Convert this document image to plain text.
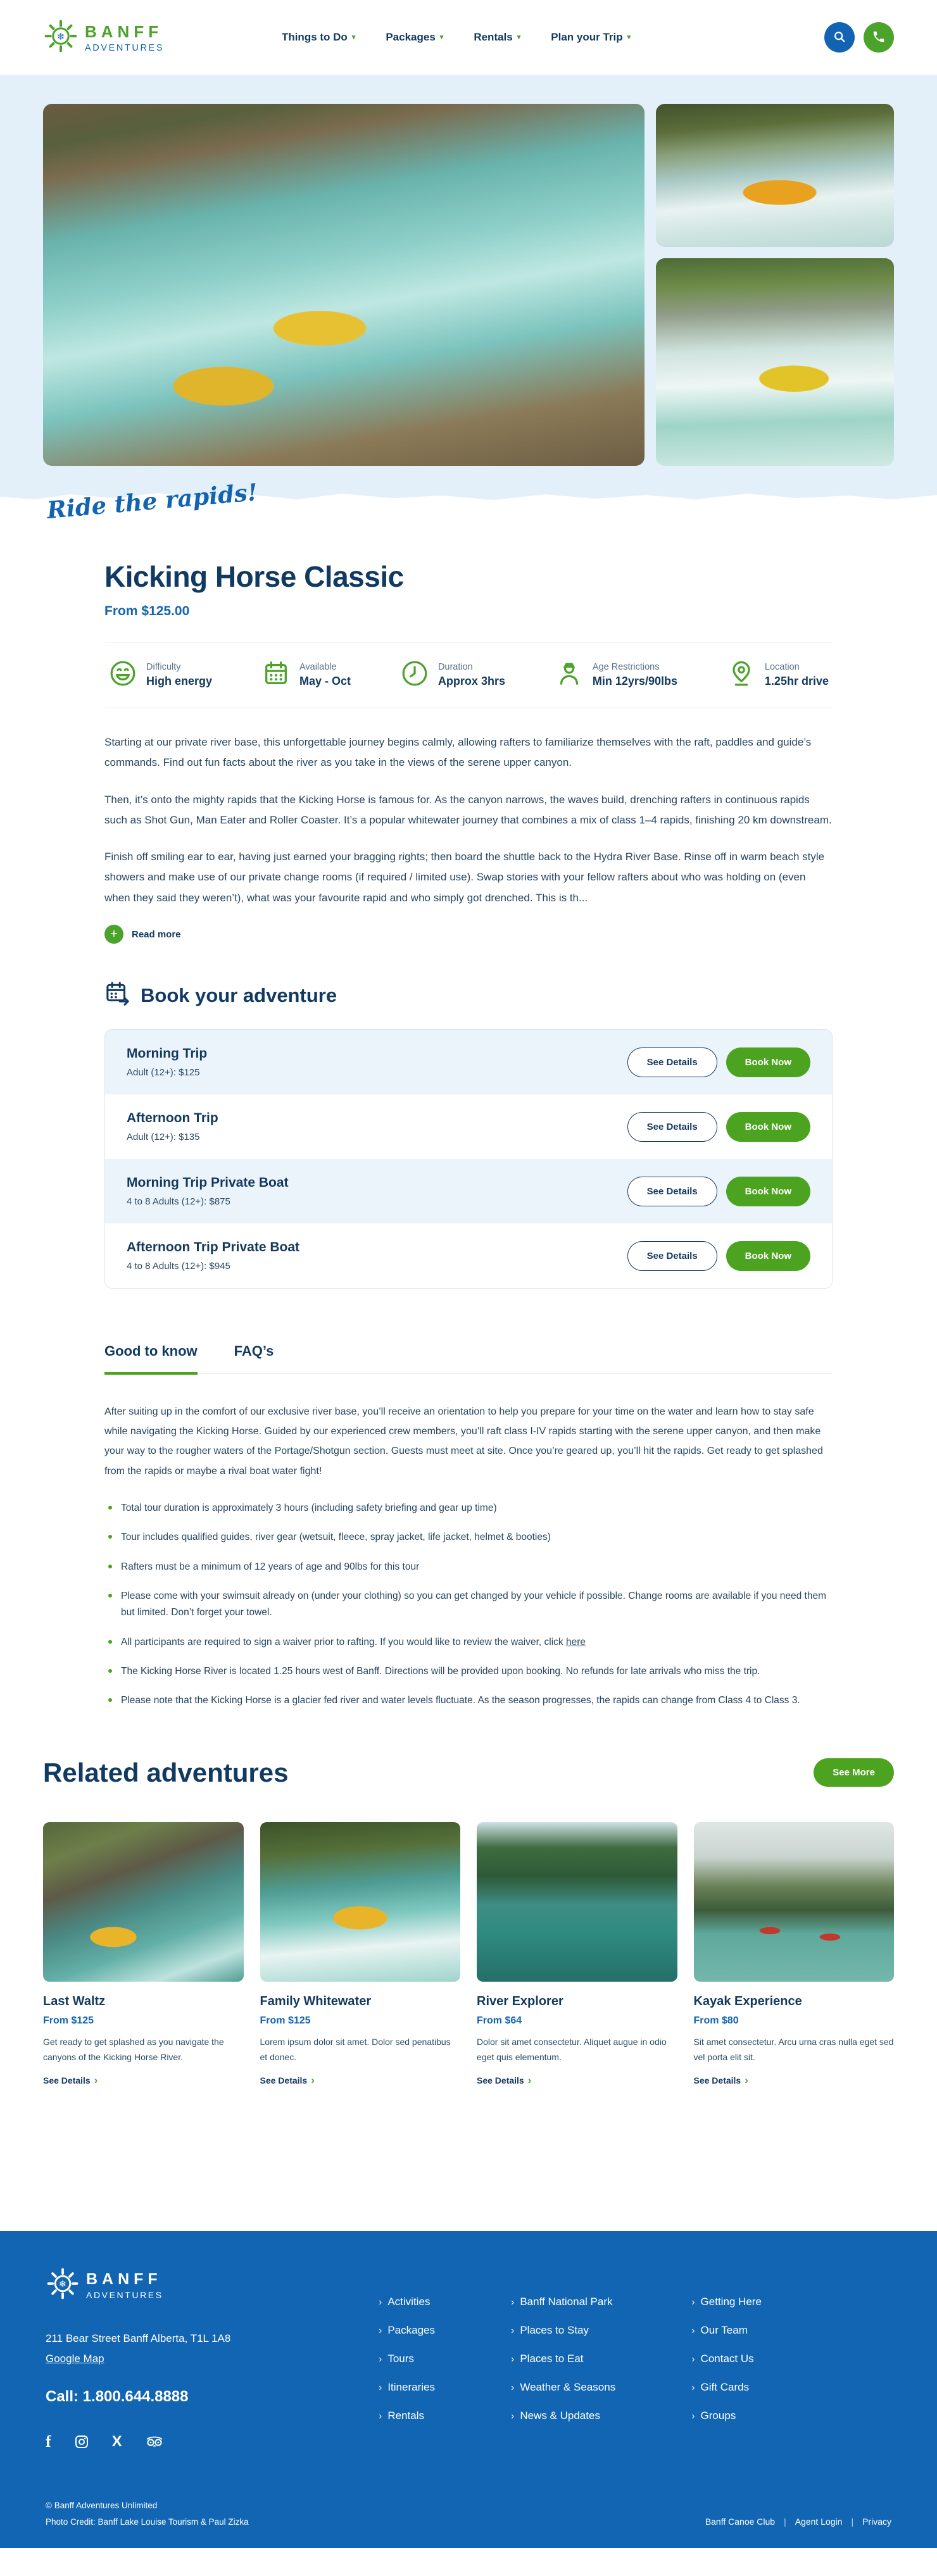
❄ BANFF
ADVENTURES
Things to Do ▾	Packages ▾	Rentals ▾	Plan your Trip ▾
Ride the rapids!
Kicking Horse Classic
From $125.00
Difficulty
High energy
Available
May - Oct
Duration
Approx 3hrs
Age Restrictions
Min 12yrs/90lbs
Location
1.25hr drive

Starting at our private river base, this unforgettable journey begins calmly, allowing rafters to familiarize themselves with the raft, paddles and guide’s commands. Find out fun facts about the river as you take in the views of the serene upper canyon.

Then, it’s onto the mighty rapids that the Kicking Horse is famous for. As the canyon narrows, the waves build, drenching rafters in continuous rapids such as Shot Gun, Man Eater and Roller Coaster. It’s a popular whitewater journey that combines a mix of class 1–4 rapids, finishing 20 km downstream.

Finish off smiling ear to ear, having just earned your bragging rights; then board the shuttle back to the Hydra River Base. Rinse off in warm beach style showers and make use of our private change rooms (if required / limited use). Swap stories with your fellow rafters about who was holding on (even when they said they weren’t), what was your favourite rapid and who simply got drenched. This is th...

+	Read more
Book your adventure
Morning Trip
Adult (12+): $125
See Details	Book Now
Afternoon Trip
Adult (12+): $135
See Details	Book Now
Morning Trip Private Boat
4 to 8 Adults (12+): $875
See Details	Book Now
Afternoon Trip Private Boat
4 to 8 Adults (12+): $945
See Details	Book Now
Good to know	FAQ’s

After suiting up in the comfort of our exclusive river base, you’ll receive an orientation to help you prepare for your time on the water and learn how to stay safe while navigating the Kicking Horse. Guided by our experienced crew members, you’ll raft class I-IV rapids starting with the serene upper canyon, and then make your way to the rougher waters of the Portage/Shotgun section. Guests must meet at site. Once you’re geared up, you’ll hit the rapids. Get ready to get splashed from the rapids or maybe a rival boat water fight!

Total tour duration is approximately 3 hours (including safety briefing and gear up time)
Tour includes qualified guides, river gear (wetsuit, fleece, spray jacket, life jacket, helmet & booties)
Rafters must be a minimum of 12 years of age and 90lbs for this tour
Please come with your swimsuit already on (under your clothing) so you can get changed by your vehicle if possible. Change rooms are available if you need them but limited. Don’t forget your towel.
All participants are required to sign a waiver prior to rafting. If you would like to review the waiver, click here
The Kicking Horse River is located 1.25 hours west of Banff. Directions will be provided upon booking. No refunds for late arrivals who miss the trip.
Please note that the Kicking Horse is a glacier fed river and water levels fluctuate. As the season progresses, the rapids can change from Class 4 to Class 3.
Related adventures	See More
Last Waltz
From $125
Get ready to get splashed as you navigate the canyons of the Kicking Horse River.
See Details ›
Family Whitewater
From $125
Lorem ipsum dolor sit amet. Dolor sed penatibus et donec.
See Details ›
River Explorer
From $64
Dolor sit amet consectetur. Aliquet augue in odio eget quis elementum.
See Details ›
Kayak Experience
From $80
Sit amet consectetur. Arcu urna cras nulla eget sed vel porta elit sit.
See Details ›
❄ BANFF
ADVENTURES
211 Bear Street Banff Alberta, T1L 1A8
Google Map
Call: 1.800.644.8888
f	X
› Activities
› Packages
› Tours
› Itineraries
› Rentals
› Banff National Park
› Places to Stay
› Places to Eat
› Weather & Seasons
› News & Updates
› Getting Here
› Our Team
› Contact Us
› Gift Cards
› Groups
© Banff Adventures Unlimited
Photo Credit: Banff Lake Louise Tourism & Paul Zizka	Banff Canoe Club | Agent Login | Privacy
